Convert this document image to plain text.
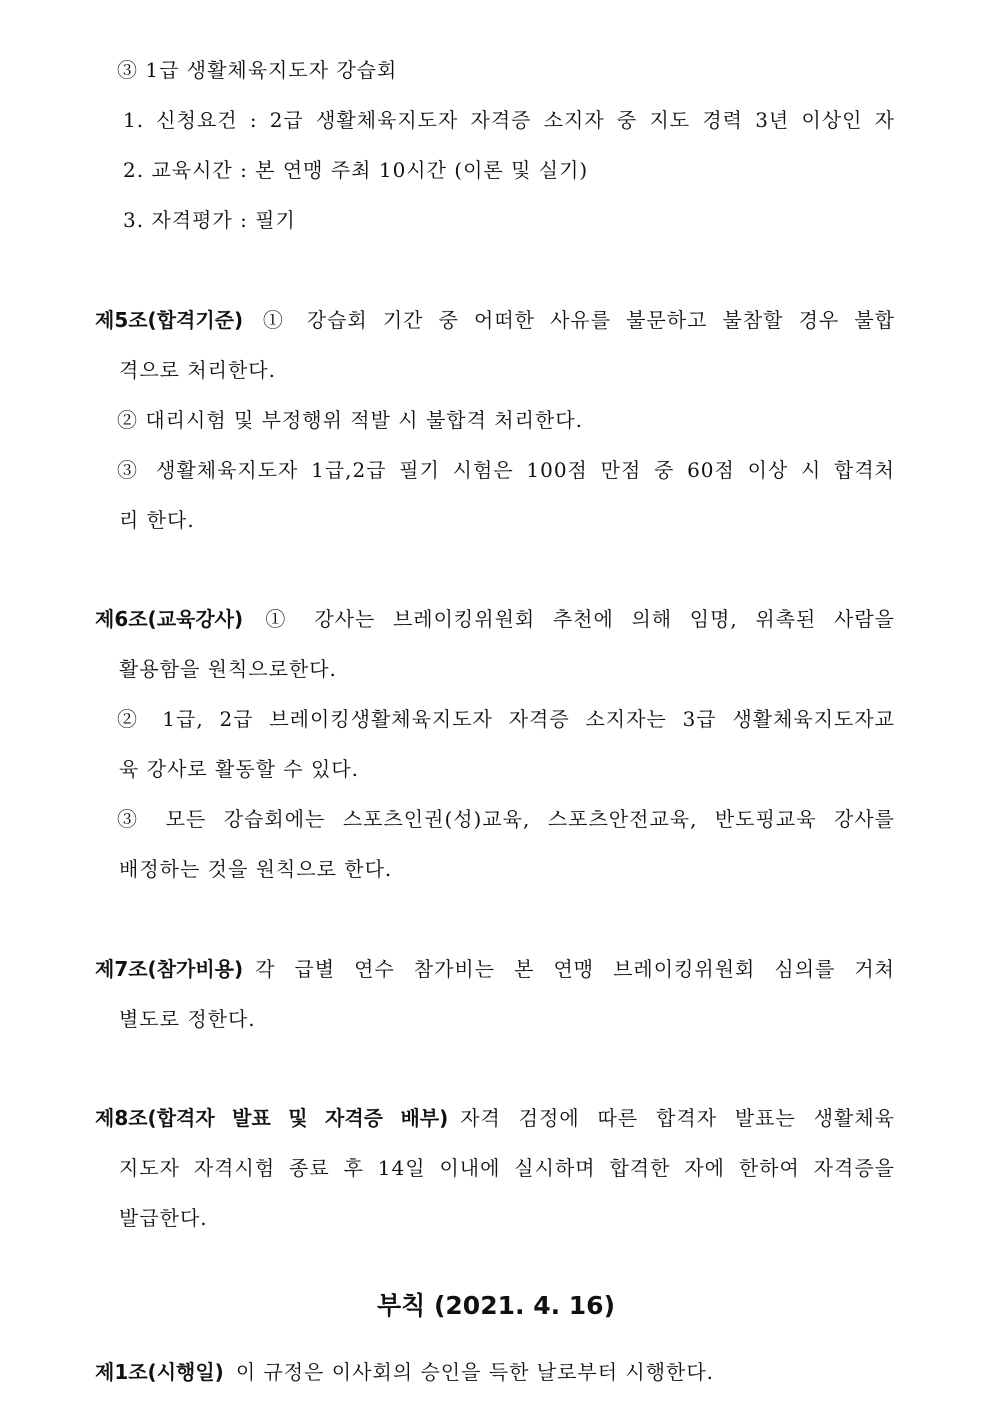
③ 1급 생활체육지도자 강습회
1. 신청요건 : 2급 생활체육지도자 자격증 소지자 중 지도 경력 3년 이상인 자
2. 교육시간 : 본 연맹 주최 10시간 (이론 및 실기)
3. 자격평가 : 필기
제5조(합격기준) ① 강습회 기간 중 어떠한 사유를 불문하고 불참할 경우 불합
격으로 처리한다.
② 대리시험 및 부정행위 적발 시 불합격 처리한다.
③ 생활체육지도자 1급,2급 필기 시험은 100점 만점 중 60점 이상 시 합격처
리 한다.
제6조(교육강사) ① 강사는 브레이킹위원회 추천에 의해 임명, 위촉된 사람을
활용함을 원칙으로한다.
② 1급, 2급 브레이킹생활체육지도자 자격증 소지자는 3급 생활체육지도자교
육 강사로 활동할 수 있다.
③ 모든 강습회에는 스포츠인권(성)교육, 스포츠안전교육, 반도핑교육 강사를
배정하는 것을 원칙으로 한다.
제7조(참가비용) 각 급별 연수 참가비는 본 연맹 브레이킹위원회 심의를 거쳐
별도로 정한다.
제8조(합격자 발표 및 자격증 배부) 자격 검정에 따른 합격자 발표는 생활체육
지도자 자격시험 종료 후 14일 이내에 실시하며 합격한 자에 한하여 자격증을
발급한다.
부칙 (2021. 4. 16)
제1조(시행일) 이 규정은 이사회의 승인을 득한 날로부터 시행한다.
